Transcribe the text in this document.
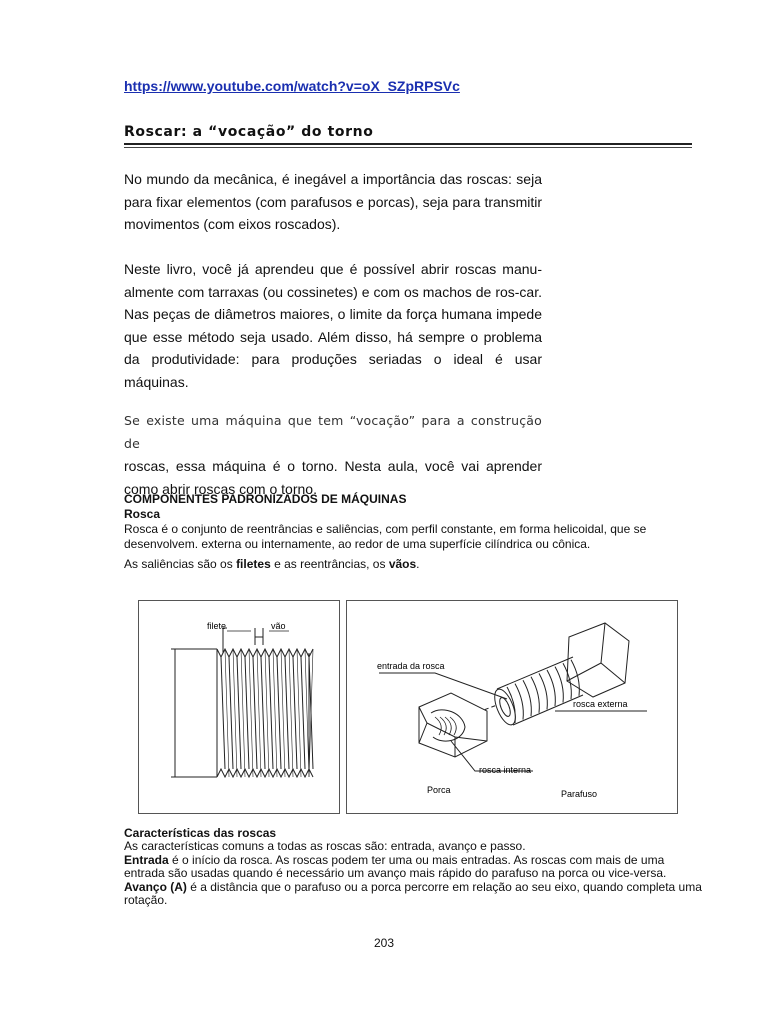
https://www.youtube.com/watch?v=oX_SZpRPSVc
Roscar: a “vocação” do torno
No mundo da mecânica, é inegável a importância das roscas: seja para fixar elementos (com parafusos e porcas), seja para transmitir movimentos (com eixos roscados).
Neste livro, você já aprendeu que é possível abrir roscas manu-almente com tarraxas (ou cossinetes) e com os machos de ros-car. Nas peças de diâmetros maiores, o limite da força humana impede que esse método seja usado. Além disso, há sempre o problema da produtividade: para produções seriadas o ideal é usar máquinas.
Se existe uma máquina que tem “vocação” para a construção de
roscas, essa máquina é o torno. Nesta aula, você vai aprender como abrir roscas com o torno.
COMPONENTES PADRONIZADOS DE MÁQUINAS
Rosca
Rosca é o conjunto de reentrâncias e saliências, com perfil constante, em forma helicoidal, que se desenvolvem. externa ou internamente, ao redor de uma superfície cilíndrica ou cônica.
As saliências são os filetes e as reentrâncias, os vãos.
filete	vão
entrada da rosca
rosca externa
rosca interna
Porca	Parafuso
Características das roscas
As características comuns a todas as roscas são: entrada, avanço e passo.
Entrada é o início da rosca. As roscas podem ter uma ou mais entradas. As roscas com mais de uma entrada são usadas quando é necessário um avanço mais rápido do parafuso na porca ou vice-versa.
Avanço (A) é a distância que o parafuso ou a porca percorre em relação ao seu eixo, quando completa uma rotação.
203
